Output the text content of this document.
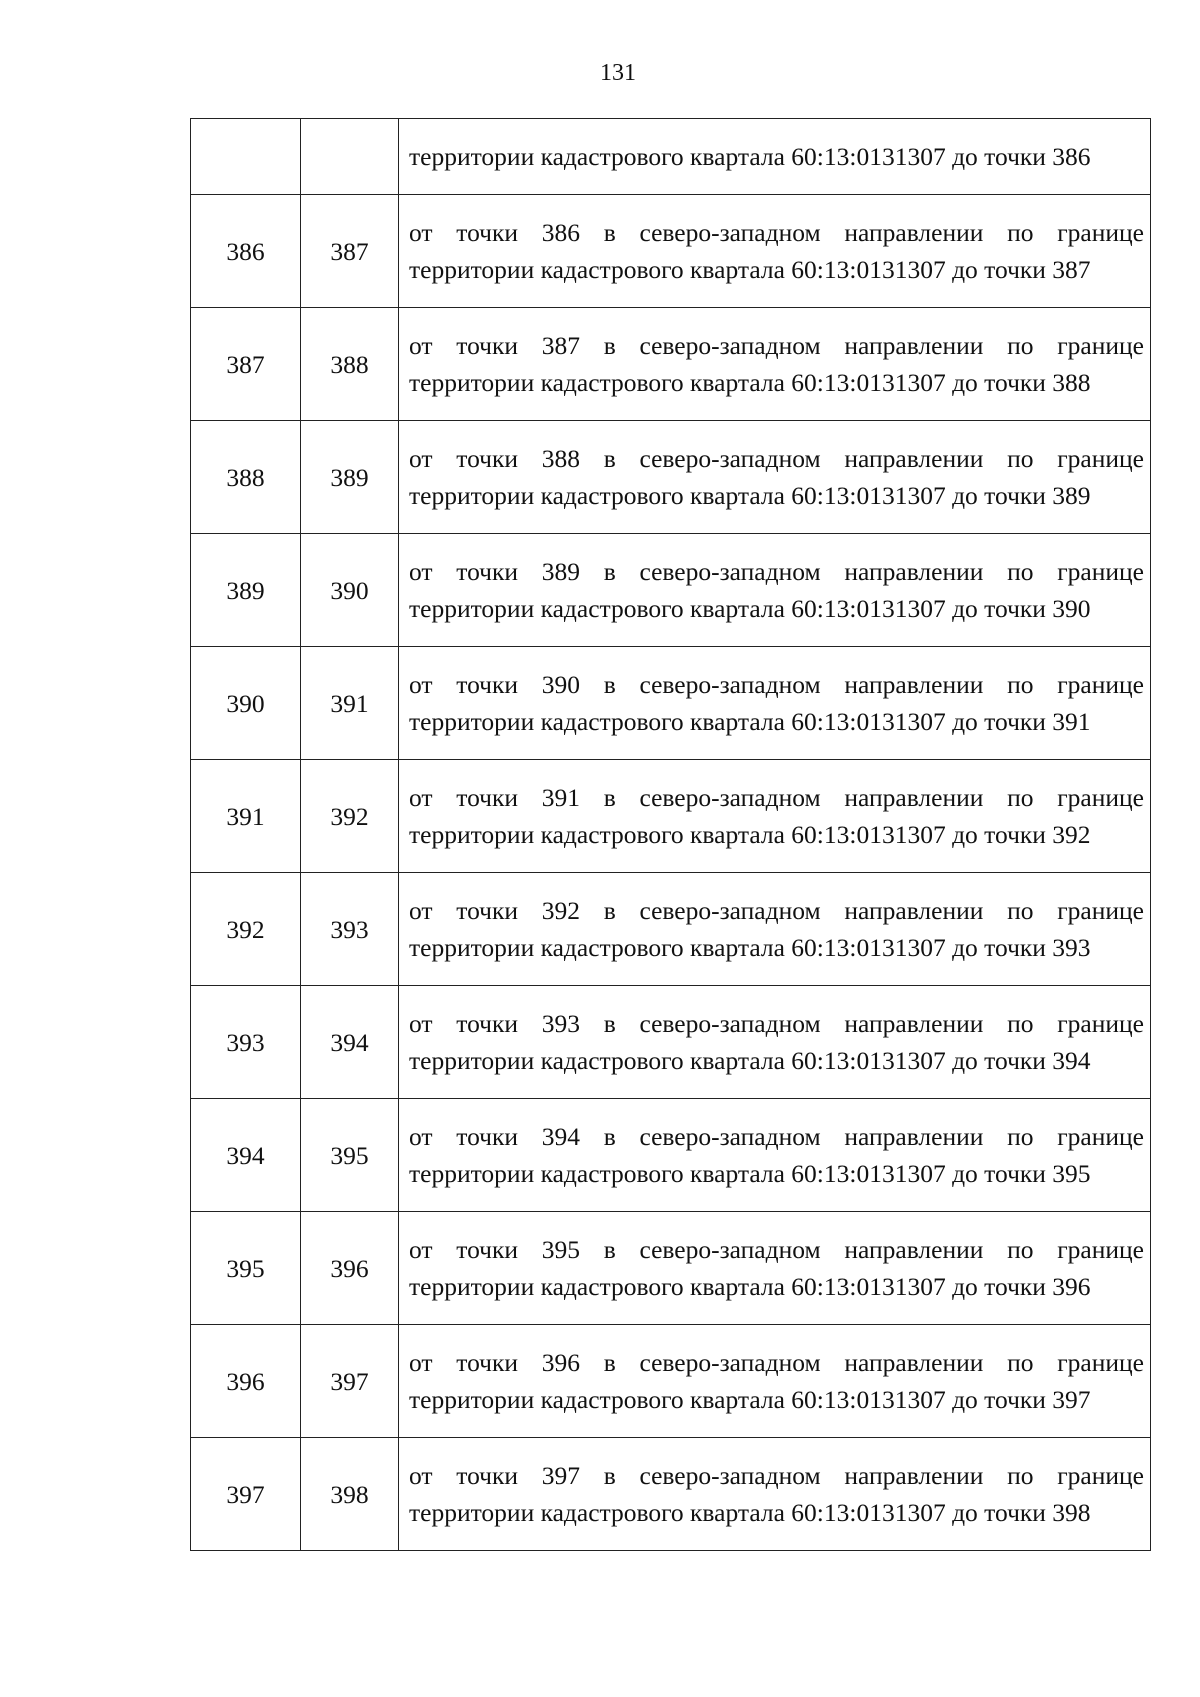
131
		территории кадастрового квартала 60:13:0131307 до точки 386
386	387	от точки 386 в северо-западном направлении по границе территории кадастрового квартала 60:13:0131307 до точки 387
387	388	от точки 387 в северо-западном направлении по границе территории кадастрового квартала 60:13:0131307 до точки 388
388	389	от точки 388 в северо-западном направлении по границе территории кадастрового квартала 60:13:0131307 до точки 389
389	390	от точки 389 в северо-западном направлении по границе территории кадастрового квартала 60:13:0131307 до точки 390
390	391	от точки 390 в северо-западном направлении по границе территории кадастрового квартала 60:13:0131307 до точки 391
391	392	от точки 391 в северо-западном направлении по границе территории кадастрового квартала 60:13:0131307 до точки 392
392	393	от точки 392 в северо-западном направлении по границе территории кадастрового квартала 60:13:0131307 до точки 393
393	394	от точки 393 в северо-западном направлении по границе территории кадастрового квартала 60:13:0131307 до точки 394
394	395	от точки 394 в северо-западном направлении по границе территории кадастрового квартала 60:13:0131307 до точки 395
395	396	от точки 395 в северо-западном направлении по границе территории кадастрового квартала 60:13:0131307 до точки 396
396	397	от точки 396 в северо-западном направлении по границе территории кадастрового квартала 60:13:0131307 до точки 397
397	398	от точки 397 в северо-западном направлении по границе территории кадастрового квартала 60:13:0131307 до точки 398
